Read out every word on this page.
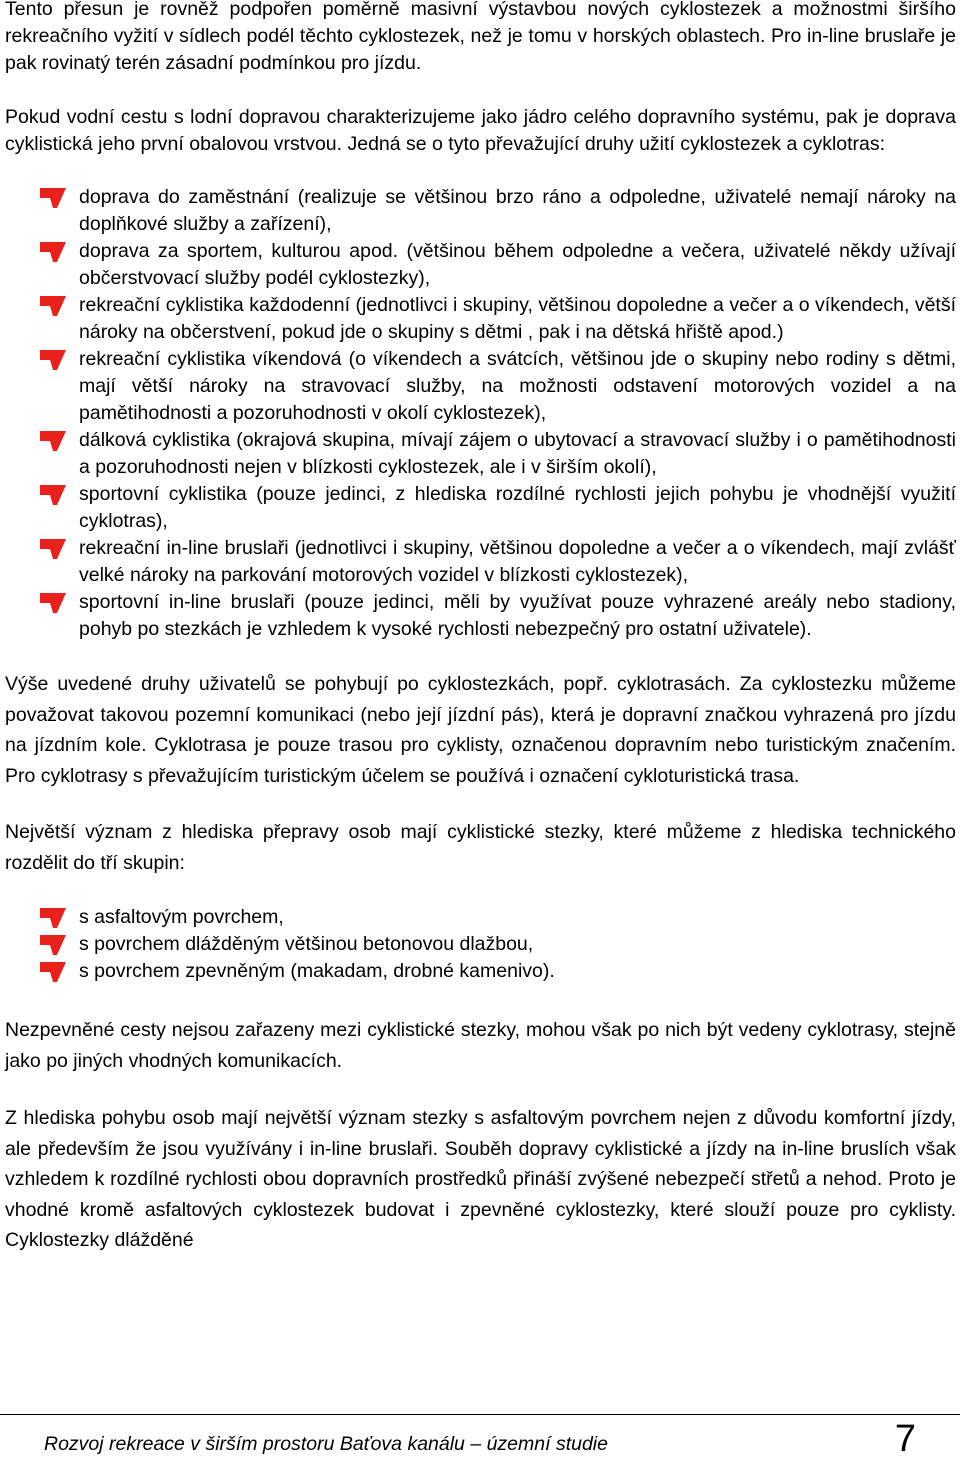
Tento přesun je rovněž podpořen poměrně masivní výstavbou nových cyklostezek a možnostmi širšího rekreačního vyžití v sídlech podél těchto cyklostezek, než je tomu v horských oblastech. Pro in-line bruslaře je pak rovinatý terén zásadní podmínkou pro jízdu.

Pokud vodní cestu s lodní dopravou charakterizujeme jako jádro celého dopravního systému, pak je doprava cyklistická jeho první obalovou vrstvou. Jedná se o tyto převažující druhy užití cyklostezek a cyklotras:

doprava do zaměstnání (realizuje se většinou brzo ráno a odpoledne, uživatelé nemají nároky na doplňkové služby a zařízení),
doprava za sportem, kulturou apod. (většinou během odpoledne a večera, uživatelé někdy užívají občerstvovací služby podél cyklostezky),
rekreační cyklistika každodenní (jednotlivci i skupiny, většinou dopoledne a večer a o víkendech, větší nároky na občerstvení, pokud jde o skupiny s dětmi , pak i na dětská hřiště apod.)
rekreační cyklistika víkendová (o víkendech a svátcích, většinou jde o skupiny nebo rodiny s dětmi, mají větší nároky na stravovací služby, na možnosti odstavení motorových vozidel a na pamětihodnosti a pozoruhodnosti v okolí cyklostezek),
dálková cyklistika (okrajová skupina, mívají zájem o ubytovací a stravovací služby i o pamětihodnosti a pozoruhodnosti nejen v blízkosti cyklostezek, ale i v širším okolí),
sportovní cyklistika (pouze jedinci, z hlediska rozdílné rychlosti jejich pohybu je vhodnější využití cyklotras),
rekreační in-line bruslaři (jednotlivci i skupiny, většinou dopoledne a večer a o víkendech, mají zvlášť velké nároky na parkování motorových vozidel v blízkosti cyklostezek),
sportovní in-line bruslaři (pouze jedinci, měli by využívat pouze vyhrazené areály nebo stadiony, pohyb po stezkách je vzhledem k vysoké rychlosti nebezpečný pro ostatní uživatele).

Výše uvedené druhy uživatelů se pohybují po cyklostezkách, popř. cyklotrasách. Za cyklostezku můžeme považovat takovou pozemní komunikaci (nebo její jízdní pás), která je dopravní značkou vyhrazená pro jízdu na jízdním kole. Cyklotrasa je pouze trasou pro cyklisty, označenou dopravním nebo turistickým značením. Pro cyklotrasy s převažujícím turistickým účelem se používá i označení cykloturistická trasa.

Největší význam z hlediska přepravy osob mají cyklistické stezky, které můžeme z hlediska technického rozdělit do tří skupin:

s asfaltovým povrchem,
s povrchem dlážděným většinou betonovou dlažbou,
s povrchem zpevněným (makadam, drobné kamenivo).

Nezpevněné cesty nejsou zařazeny mezi cyklistické stezky, mohou však po nich být vedeny cyklotrasy, stejně jako po jiných vhodných komunikacích.

Z hlediska pohybu osob mají největší význam stezky s asfaltovým povrchem nejen z důvodu komfortní jízdy, ale především že jsou využívány i in-line bruslaři. Souběh dopravy cyklistické a jízdy na in-line bruslích však vzhledem k rozdílné rychlosti obou dopravních prostředků přináší zvýšené nebezpečí střetů a nehod. Proto je vhodné kromě asfaltových cyklostezek budovat i zpevněné cyklostezky, které slouží pouze pro cyklisty. Cyklostezky dlážděné

Rozvoj rekreace v širším prostoru Baťova kanálu – územní studie	7
